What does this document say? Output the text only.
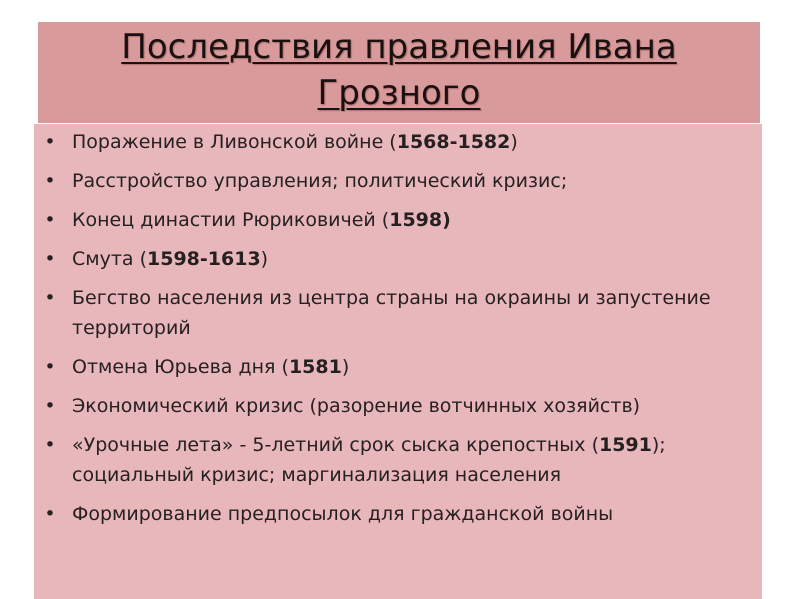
Последствия правления Ивана Грозного
• Поражение в Ливонской войне (1568-1582)
• Расстройство управления; политический кризис;
• Конец династии Рюриковичей (1598)
• Смута (1598-1613)
• Бегство населения из центра страны на окраины и запустение территорий
• Отмена Юрьева дня (1581)
• Экономический кризис (разорение вотчинных хозяйств)
• «Урочные лета» - 5-летний срок сыска крепостных (1591); социальный кризис; маргинализация населения
• Формирование предпосылок для гражданской войны
